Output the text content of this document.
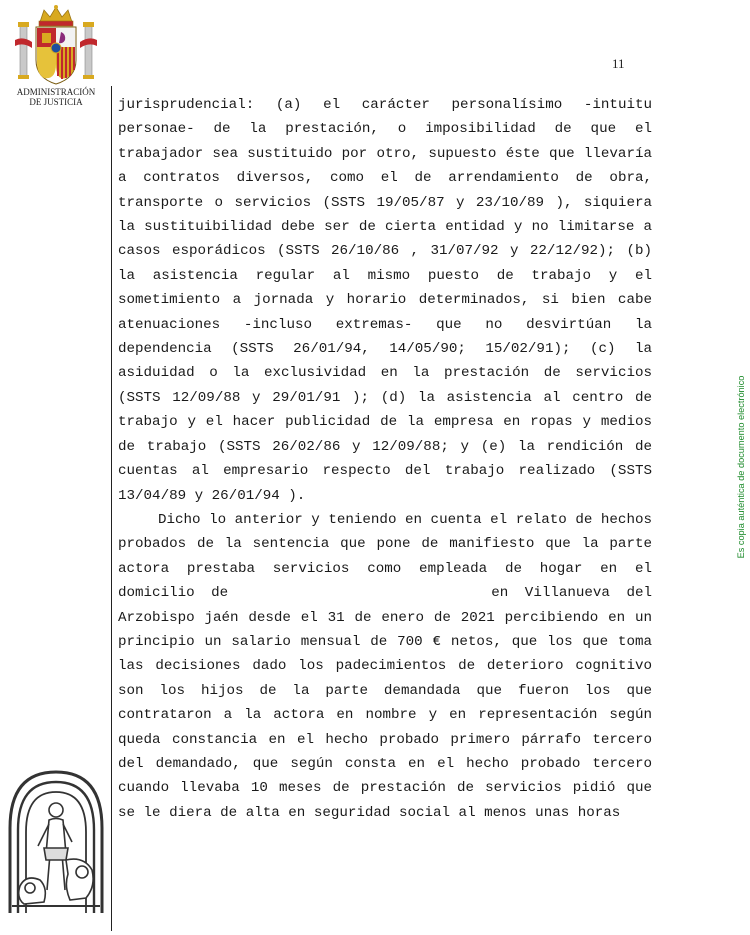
ADMINISTRACIÓN
DE JUSTICIA
11

jurisprudencial: (a) el carácter personalísimo -intuitu personae- de la prestación, o imposibilidad de que el trabajador sea sustituido por otro, supuesto éste que llevaría a contratos diversos, como el de arrendamiento de obra, transporte o servicios (SSTS 19/05/87 y 23/10/89 ), siquiera la sustituibilidad debe ser de cierta entidad y no limitarse a casos esporádicos (SSTS 26/10/86 , 31/07/92 y 22/12/92); (b) la asistencia regular al mismo puesto de trabajo y el sometimiento a jornada y horario determinados, si bien cabe atenuaciones -incluso extremas- que no desvirtúan la dependencia (SSTS 26/01/94, 14/05/90; 15/02/91); (c) la asiduidad o la exclusividad en la prestación de servicios (SSTS 12/09/88 y 29/01/91 ); (d) la asistencia al centro de trabajo y el hacer publicidad de la empresa en ropas y medios de trabajo (SSTS 26/02/86 y 12/09/88; y (e) la rendición de cuentas al empresario respecto del trabajo realizado (SSTS 13/04/89 y 26/01/94 ).

Dicho lo anterior y teniendo en cuenta el relato de hechos probados de la sentencia que pone de manifiesto que la parte actora prestaba servicios como empleada de hogar en el domicilio de	en Villanueva del Arzobispo jaén desde el 31 de enero de 2021 percibiendo en un principio un salario mensual de 700 € netos, que los que toma las decisiones dado los padecimientos de deterioro cognitivo son los hijos de la parte demandada que fueron los que contrataron a la actora en nombre y en representación según queda constancia en el hecho probado primero párrafo tercero del demandado, que según consta en el hecho probado tercero cuando llevaba 10 meses de prestación de servicios pidió que se le diera de alta en seguridad social al menos unas horas

Es copia auténtica de documento electrónico
